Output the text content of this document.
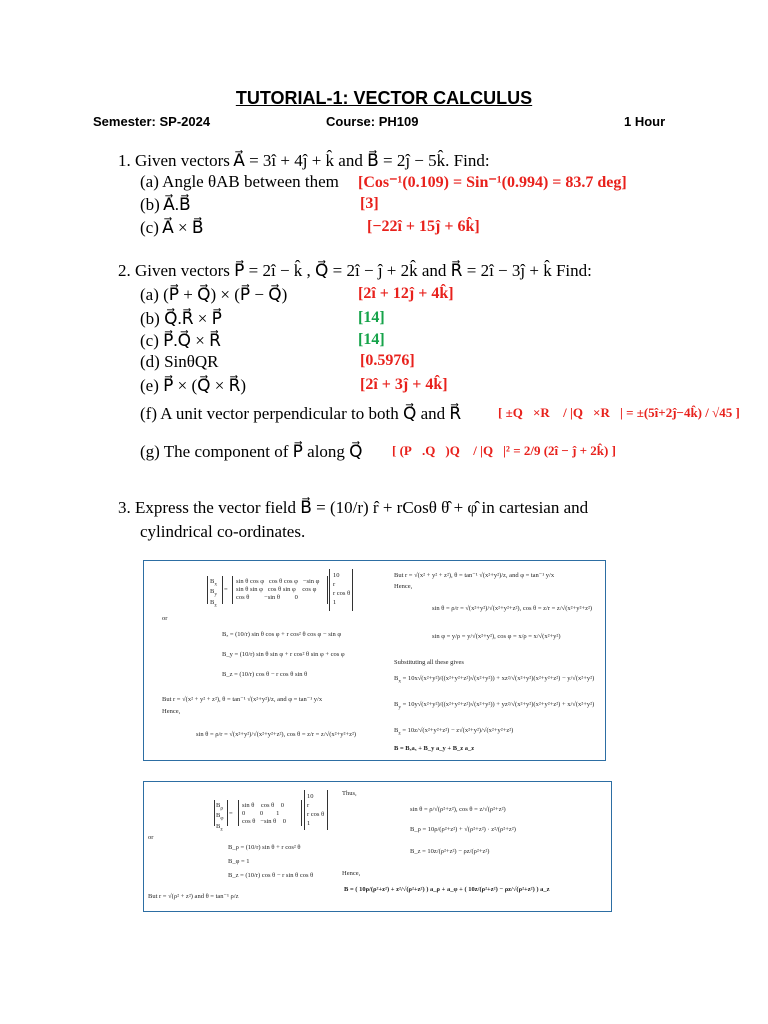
TUTORIAL-1: VECTOR CALCULUS
Semester: SP-2024	Course: PH109	1 Hour
1. Given vectors A⃗ = 3î + 4ĵ + k̂ and B⃗ = 2ĵ − 5k̂. Find:
(a) Angle θAB between them [Cos⁻¹(0.109) = Sin⁻¹(0.994) = 83.7 deg]
(b) A⃗.B⃗	[3]
(c) A⃗ × B⃗	[−22î + 15ĵ + 6k̂]
2. Given vectors P⃗ = 2î − k̂ , Q⃗ = 2î − ĵ + 2k̂ and R⃗ = 2î − 3ĵ + k̂ Find:
(a) (P⃗ + Q⃗) × (P⃗ − Q⃗)	[2î + 12ĵ + 4k̂]
(b) Q⃗.R⃗ × P⃗	[14]
(c) P⃗.Q⃗ × R⃗	[14]
(d) SinθQR	[0.5976]
(e) P⃗ × (Q⃗ × R⃗)	[2î + 3ĵ + 4k̂]
(f) A unit vector perpendicular to both Q⃗ and R⃗	[ ±Q⃗×R⃗ / |Q⃗×R⃗| = ±(5î+2ĵ−4k̂) / √45 ]
(g) The component of P⃗ along Q⃗ [ (P⃗.Q⃗)Q⃗ / |Q⃗|² = 2/9 (2î − ĵ + 2k̂) ]
3. Express the vector field B⃗ = (10/r) r̂ + rCosθ θ̂ + φ̂ in cartesian and
cylindrical co-ordinates.
$B_x$
$B_y$
$B_z$
=
sin θ cos φ   cos θ cos φ   −sin φ
sin θ sin φ   cos θ sin φ    cos φ
cos θ         −sin θ         0
10
r
r cos θ
1
or
Bₓ = (10/r) sin θ cos φ + r cos² θ cos φ − sin φ
B_y = (10/r) sin θ sin φ + r cos² θ sin φ + cos φ
B_z = (10/r) cos θ − r cos θ sin θ
But r = √(x² + y² + z²), θ = tan⁻¹ √(x²+y²)/z, and φ = tan⁻¹ y/x
Hence,
sin θ = ρ/r = √(x²+y²)/√(x²+y²+z²), cos θ = z/r = z/√(x²+y²+z²)
But r = √(x² + y² + z²), θ = tan⁻¹ √(x²+y²)/z, and φ = tan⁻¹ y/x
Hence,
sin θ = ρ/r = √(x²+y²)/√(x²+y²+z²), cos θ = z/r = z/√(x²+y²+z²)
sin φ = y/ρ = y/√(x²+y²), cos φ = x/ρ = x/√(x²+y²)
Substituting all these gives
$B_x = 10x√(x^2+y^2)/((x^2+y^2+z^2)√(x^2+y^2)) + xz^2/√(x^2+y^2)(x^2+y^2+z^2) - y/√(x^2+y^2)$
$B_y = 10y√(x^2+y^2)/((x^2+y^2+z^2)√(x^2+y^2)) + yz^2/√(x^2+y^2)(x^2+y^2+z^2) + x/√(x^2+y^2)$
$B_z = 10z/√(x^2+y^2+z^2) - z√(x^2+y^2)/√(x^2+y^2+z^2)$
B = Bₓaₓ + B_y a_y + B_z a_z
$B_\rho$
$B_\varphi$
$B_z$
=
sin θ    cos θ    0
0         0        1
cos θ   −sin θ    0
10
r
r cos θ
1
Thus,
or
B_ρ = (10/r) sin θ + r cos² θ
B_φ = 1
B_z = (10/r) cos θ − r sin θ cos θ
But r = √(ρ² + z²) and θ = tan⁻¹ ρ/z
sin θ = ρ/√(ρ²+z²), cos θ = z/√(ρ²+z²)
B_ρ = 10ρ/(ρ²+z²) + √(ρ²+z²) · z²/(ρ²+z²)
B_z = 10z/(ρ²+z²) − ρz/(ρ²+z²)
Hence,
B = ( 10ρ/(ρ²+z²) + z²/√(ρ²+z²) ) a_ρ + a_φ + ( 10z/(ρ²+z²) − ρz/√(ρ²+z²) ) a_z
